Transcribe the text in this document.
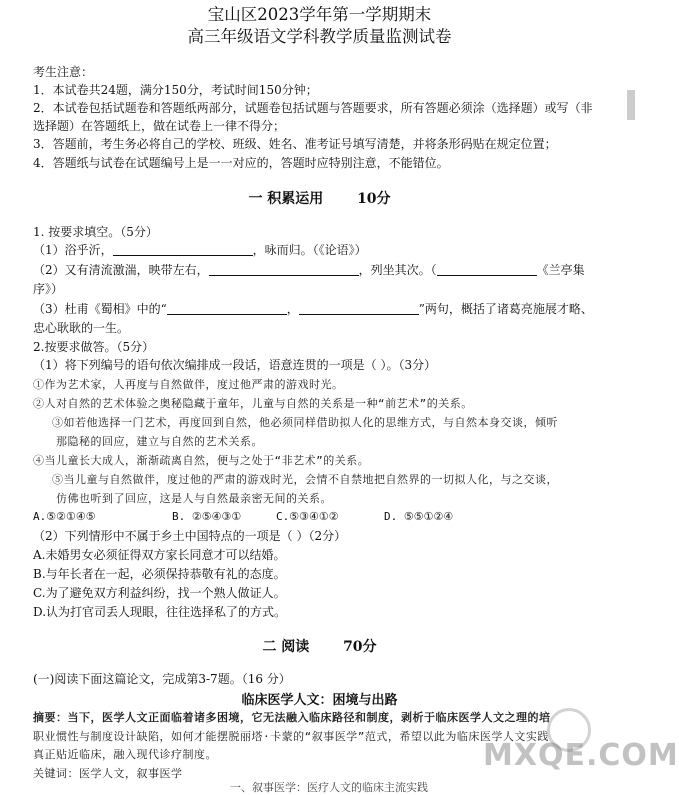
宝山区2023学年第一学期期末
高三年级语文学科教学质量监测试卷
考生注意：
1．本试卷共24题，满分150分，考试时间150分钟；
2．本试卷包括试题卷和答题纸两部分，试题卷包括试题与答题要求，所有答题必须涂（选择题）或写（非
选择题）在答题纸上，做在试卷上一律不得分；
3．答题前，考生务必将自己的学校、班级、姓名、准考证号填写清楚，并将条形码贴在规定位置；
4．答题纸与试卷在试题编号上是一一对应的，答题时应特别注意，不能错位。
一 积累运用 10分
1. 按要求填空。（5分）
（1）浴乎沂，	，咏而归。（《论语》）
（2）又有清流激湍，映带左右，	，列坐其次。（	《兰亭集
序》）
（3）杜甫《蜀相》中的“	，	”两句，概括了诸葛亮施展才略、
忠心耿耿的一生。
2.按要求做答。（5分）
（1）将下列编号的语句依次编排成一段话，语意连贯的一项是（ ）。（3分）
①作为艺术家，人再度与自然做伴，度过他严肃的游戏时光。
②人对自然的艺术体验之奥秘隐藏于童年，儿童与自然的关系是一种“前艺术”的关系。
③如若他选择一门艺术，再度回到自然，他必须同样借助拟人化的思维方式，与自然本身交谈，倾听
那隐秘的回应，建立与自然的艺术关系。
④当儿童长大成人，渐渐疏离自然，便与之处于“非艺术”的关系。
⑤当儿童与自然做伴，度过他的严肃的游戏时光，会情不自禁地把自然界的一切拟人化，与之交谈，
仿佛也听到了回应，这是人与自然最亲密无间的关系。
A.⑤②①④⑤	B. ②⑤④③①	C.⑤③④①②	D. ⑤⑤①②④
（2）下列情形中不属于乡土中国特点的一项是（ ）（2分）
A.未婚男女必须征得双方家长同意才可以结婚。
B.与年长者在一起，必须保持恭敬有礼的态度。
C.为了避免双方利益纠纷，找一个熟人做证人。
D.认为打官司丢人现眼，往往选择私了的方式。
二 阅读 70分
(一)阅读下面这篇论文，完成第3-7题。（16 分）
临床医学人文：困境与出路
摘要：当下，医学人文正面临着诸多困境，它无法融入临床路径和制度，剥析于临床医学人文之理的培
职业惯性与制度设计缺陷，如何才能摆脱丽塔·卡蒙的“叙事医学”范式，希望以此为临床医学人文实践
真正贴近临床，融入现代诊疗制度。
关键词：医学人文，叙事医学
一、叙事医学：医疗人文的临床主流实践
MXQE.COM
